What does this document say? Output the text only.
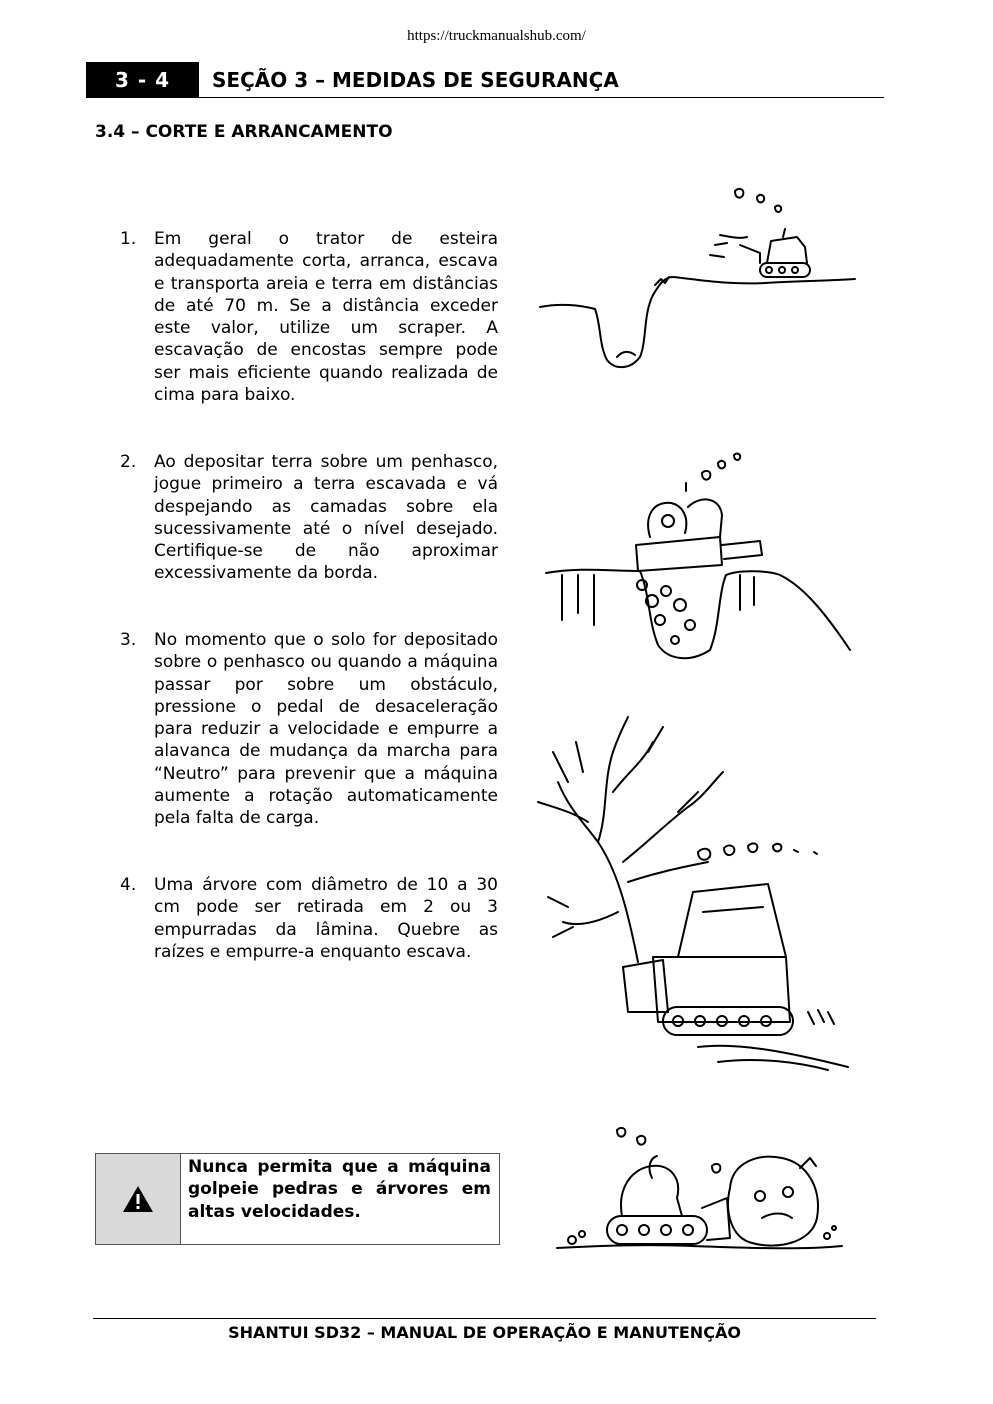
https://truckmanualshub.com/
3 - 4	SEÇÃO 3 – MEDIDAS DE SEGURANÇA
3.4 – CORTE E ARRANCAMENTO
1. Em geral o trator de esteira adequadamente corta, arranca, escava e transporta areia e terra em distâncias de até 70 m. Se a distância exceder este valor, utilize um scraper. A escavação de encostas sempre pode ser mais eficiente quando realizada de cima para baixo.
2. Ao depositar terra sobre um penhasco, jogue primeiro a terra escavada e vá despejando as camadas sobre ela sucessivamente até o nível desejado. Certifique-se de não aproximar excessivamente da borda.
3. No momento que o solo for depositado sobre o penhasco ou quando a máquina passar por sobre um obstáculo, pressione o pedal de desaceleração para reduzir a velocidade e empurre a alavanca de mudança da marcha para “Neutro” para prevenir que a máquina aumente a rotação automaticamente pela falta de carga.
4. Uma árvore com diâmetro de 10 a 30 cm pode ser retirada em 2 ou 3 empurradas da lâmina. Quebre as raízes e empurre-a enquanto escava.
Nunca permita que a máquina golpeie pedras e árvores em altas velocidades.
SHANTUI SD32 – MANUAL DE OPERAÇÃO E MANUTENÇÃO
